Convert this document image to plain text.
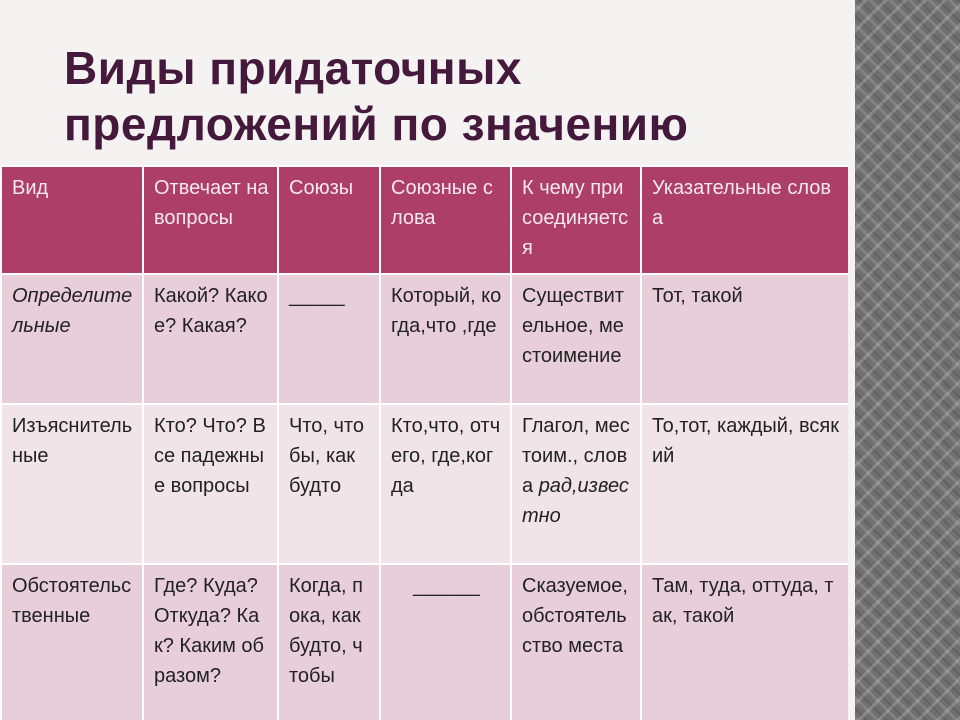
Виды придаточных предложений по значению
Вид	Отвечает на вопросы	Союзы	Союзные слова	К чему присоединяется	Указательные слова
Определительные	Какой? Какое? Какая?	_____	Который, когда,что ,где	Существительное, местоимение	Тот, такой
Изъяснительные	Кто? Что? Все падежные вопросы	Что, чтобы, как будто	Кто,что, отчего, где,когда	Глагол, местоим., слова рад,известно	То,тот, каждый, всякий
Обстоятельственные	Где? Куда? Откуда? Как? Каким образом?	Когда, пока, как будто, чтобы	______	Сказуемое, обстоятельство места	Там, туда, оттуда, так, такой
